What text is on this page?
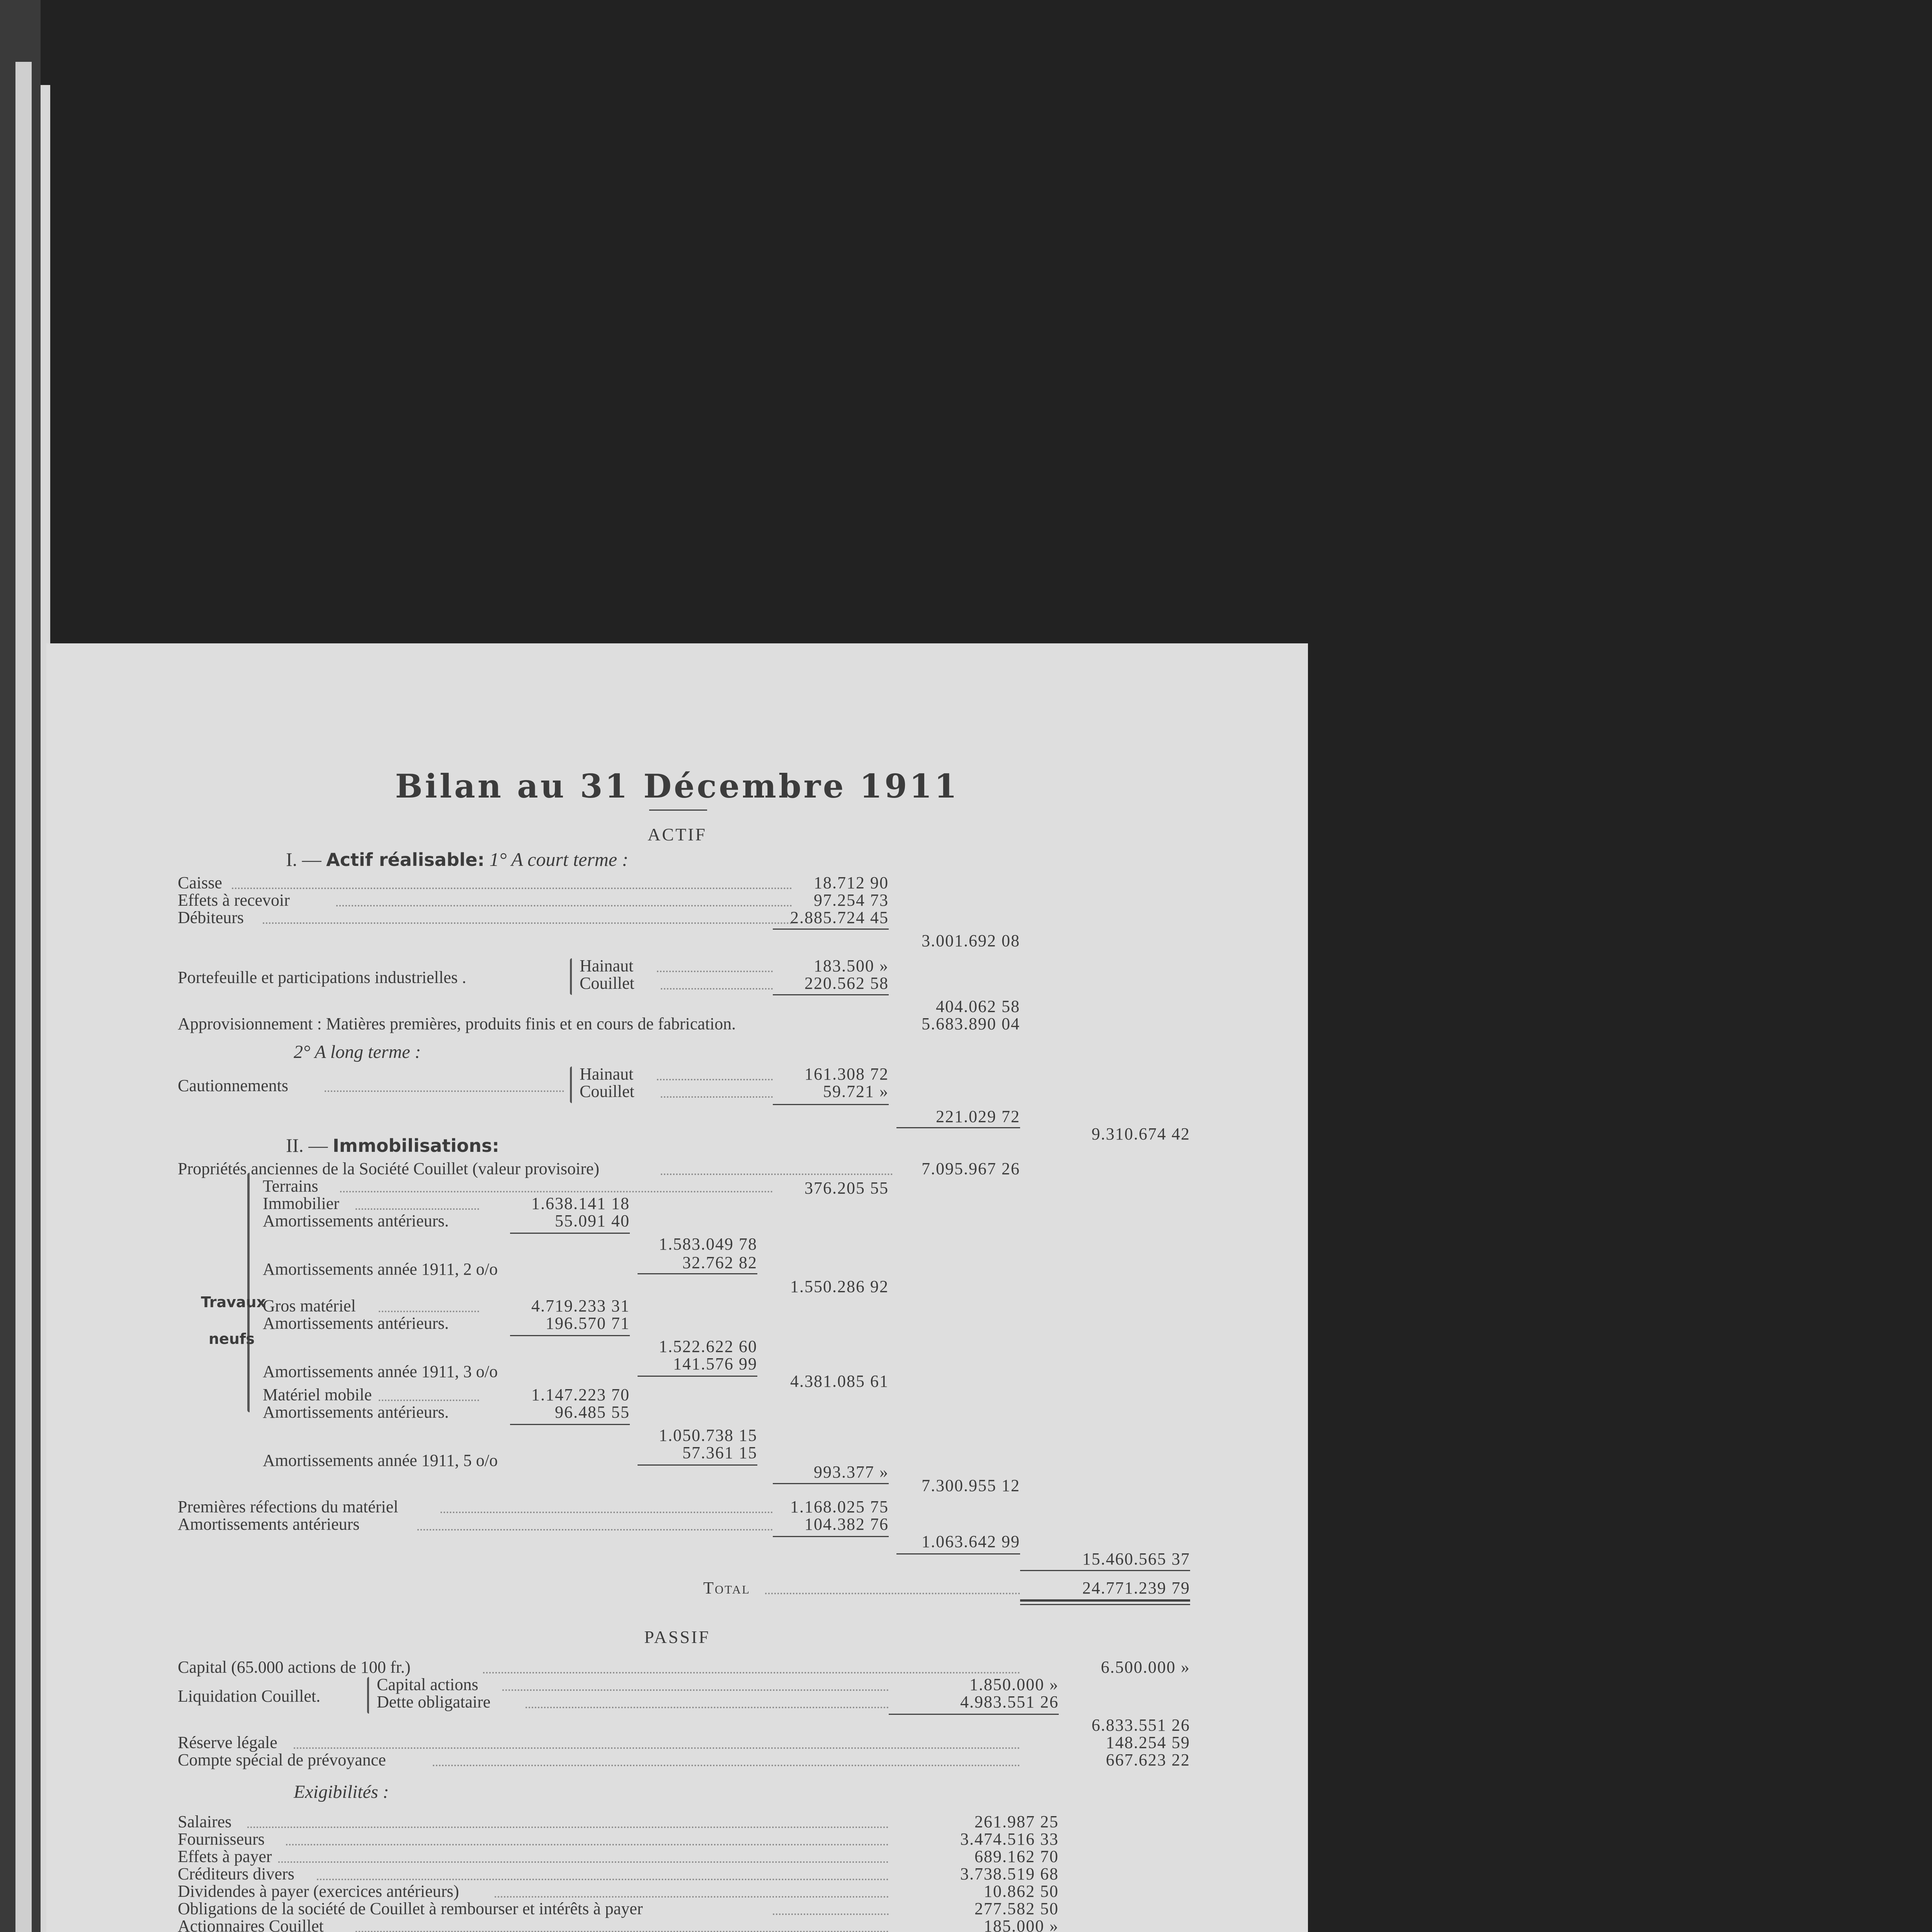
Bilan au 31 Décembre 1911
ACTIF
I. — Actif réalisable: 1° A court terme :
Caisse	18.712 90
Effets à recevoir	97.254 73
Débiteurs	2.885.724 45
3.001.692 08
Portefeuille et participations industrielles .
Hainaut	183.500 »
Couillet	220.562 58
404.062 58
Approvisionnement : Matières premières, produits finis et en cours de fabrication.	5.683.890 04
2° A long terme :
Cautionnements
Hainaut	161.308 72
Couillet	59.721 »
221.029 72
9.310.674 42
II. — Immobilisations:
Propriétés anciennes de la Société Couillet (valeur provisoire)	7.095.967 26
Travaux
neufs
Terrains	376.205 55
Immobilier	1.638.141 18
Amortissements antérieurs.	55.091 40
1.583.049 78
Amortissements année 1911, 2 o/o	32.762 82
1.550.286 92
Gros matériel	4.719.233 31
Amortissements antérieurs.	196.570 71
1.522.622 60
Amortissements année 1911, 3 o/o	141.576 99
4.381.085 61
Matériel mobile	1.147.223 70
Amortissements antérieurs.	96.485 55
1.050.738 15
Amortissements année 1911, 5 o/o	57.361 15
993.377 »
7.300.955 12
Premières réfections du matériel	1.168.025 75
Amortissements antérieurs	104.382 76
1.063.642 99
15.460.565 37
Total	24.771.239 79
PASSIF
Capital (65.000 actions de 100 fr.)	6.500.000 »
Liquidation Couillet.
Capital actions	1.850.000 »
Dette obligataire	4.983.551 26
6.833.551 26
Réserve légale	148.254 59
Compte spécial de prévoyance	667.623 22
Exigibilités :
Salaires	261.987 25
Fournisseurs	3.474.516 33
Effets à payer	689.162 70
Créditeurs divers	3.738.519 68
Dividendes à payer (exercices antérieurs)	10.862 50
Obligations de la société de Couillet à rembourser et intérêts à payer	277.582 50
Actionnaires Couillet	185.000 »
